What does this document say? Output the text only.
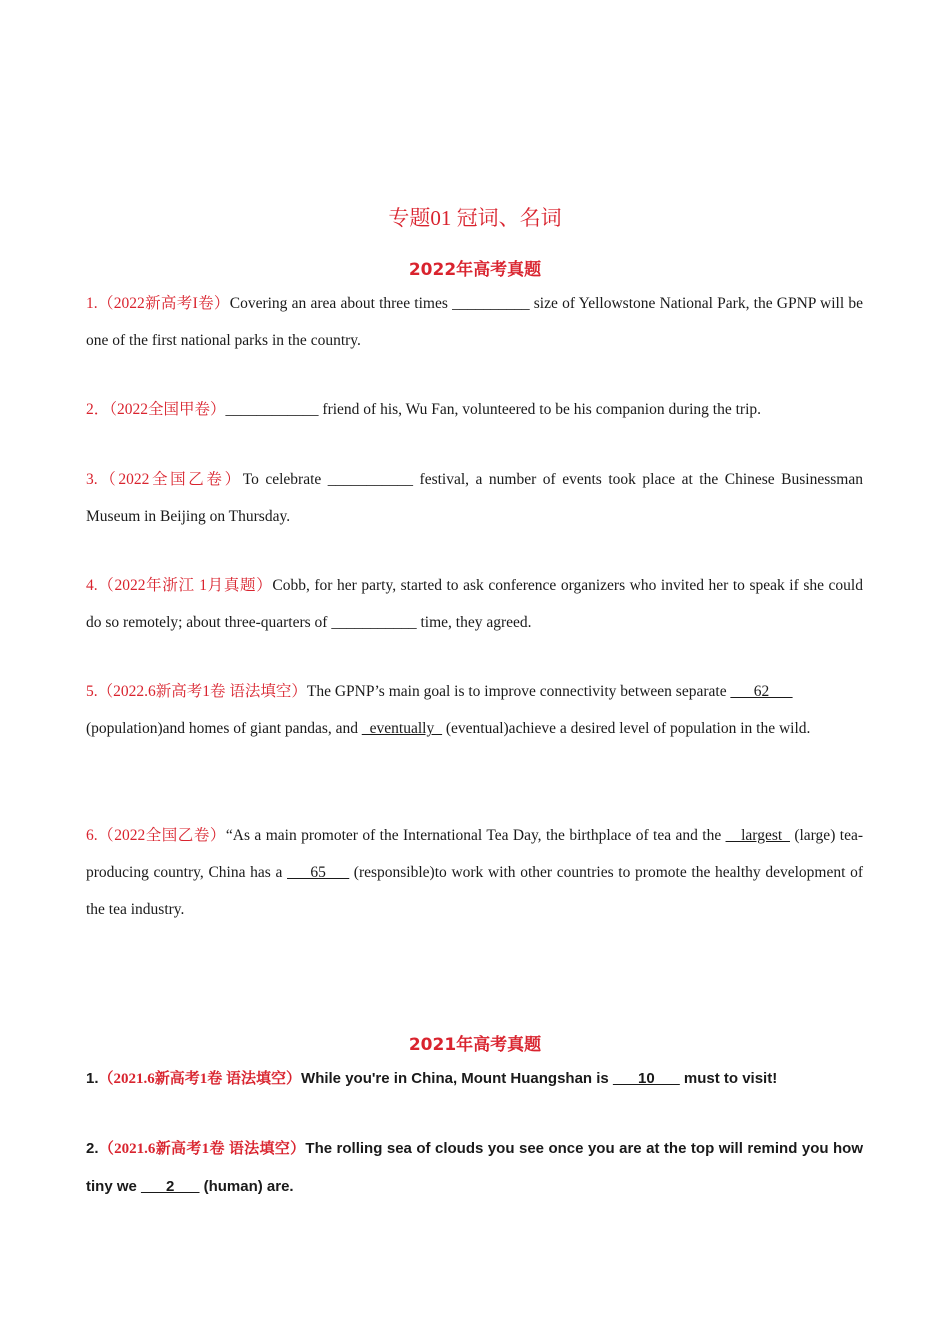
专题01 冠词、名词
2022年高考真题
1.（2022新高考I卷）Covering an area about three times __________ size of Yellowstone National Park, the GPNP will be one of the first national parks in the country.
2．（2022全国甲卷）____________ friend of his, Wu Fan, volunteered to be his companion during the trip.
3.（2022全国乙卷）To celebrate ___________ festival, a number of events took place at the Chinese Businessman Museum in Beijing on Thursday.
4.（2022年浙江 1月真题）Cobb, for her party, started to ask conference organizers who invited her to speak if she could do so remotely; about three-quarters of ___________ time, they agreed.
5.（2022.6新高考1卷 语法填空）The GPNP’s main goal is to improve connectivity between separate ___62___ (population)and homes of giant pandas, and _eventually_ (eventual)achieve a desired level of population in the wild.
6.（2022全国乙卷）“As a main promoter of the International Tea Day, the birthplace of tea and the __largest_ (large) tea-producing country, China has a ___65___ (responsible)to work with other countries to promote the healthy development of the tea industry.
2021年高考真题
1.（2021.6新高考1卷 语法填空）While you're in China, Mount Huangshan is ___10___ must to visit!
2.（2021.6新高考1卷 语法填空）The rolling sea of clouds you see once you are at the top will remind you how tiny we ___2___ (human) are.
